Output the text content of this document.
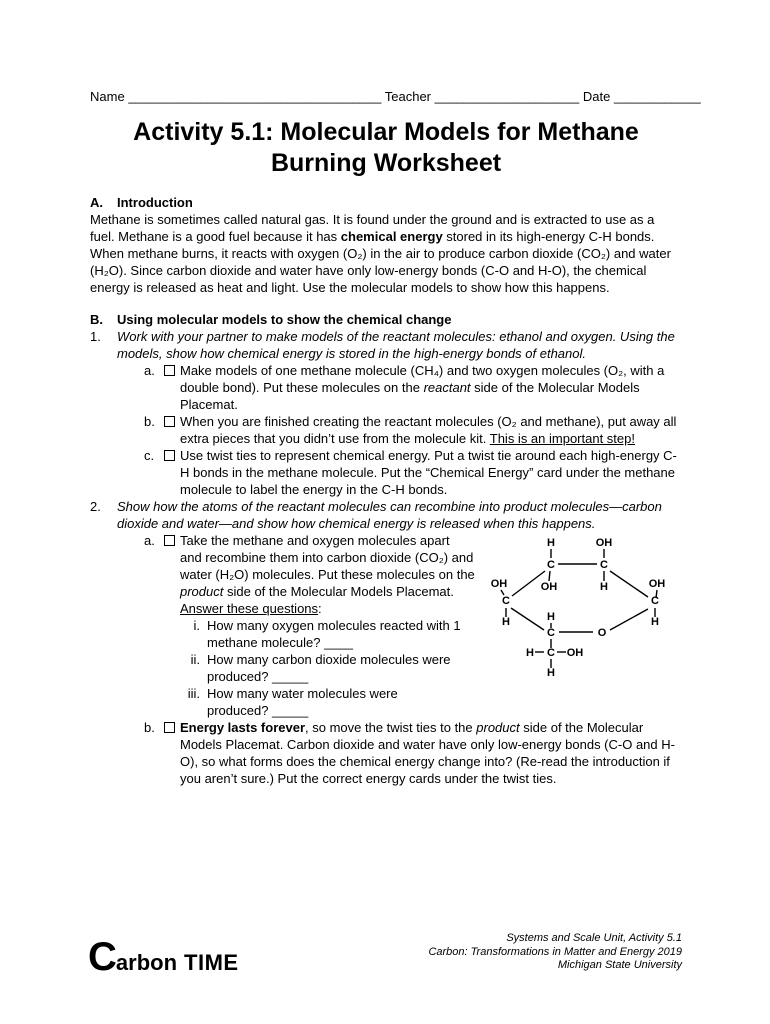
Name ___________________________________ Teacher ____________________ Date ____________
Activity 5.1: Molecular Models for Methane Burning Worksheet
A.	Introduction

Methane is sometimes called natural gas. It is found under the ground and is extracted to use as a fuel. Methane is a good fuel because it has chemical energy stored in its high-energy C-H bonds. When methane burns, it reacts with oxygen (O₂) in the air to produce carbon dioxide (CO₂) and water (H₂O). Since carbon dioxide and water have only low-energy bonds (C-O and H-O), the chemical energy is released as heat and light. Use the molecular models to show how this happens.

B.	Using molecular models to show the chemical change
1.	Work with your partner to make models of the reactant molecules: ethanol and oxygen. Using the models, show how chemical energy is stored in the high-energy bonds of ethanol.
a.	Make models of one methane molecule (CH₄) and two oxygen molecules (O₂, with a double bond). Put these molecules on the reactant side of the Molecular Models Placemat.
b.	When you are finished creating the reactant molecules (O₂ and methane), put away all extra pieces that you didn’t use from the molecule kit. This is an important step!
c.	Use twist ties to represent chemical energy. Put a twist tie around each high-energy C-H bonds in the methane molecule. Put the “Chemical Energy” card under the methane molecule to label the energy in the C-H bonds.
2.	Show how the atoms of the reactant molecules can recombine into product molecules—carbon dioxide and water—and show how chemical energy is released when this happens.
H	OH
C	C
OH	OH	H	OH
C	C
H	H
H
C	O
H C OH
H
a.	Take the methane and oxygen molecules apart
and recombine them into carbon dioxide (CO₂) and
water (H₂O) molecules. Put these molecules on the
product side of the Molecular Models Placemat.
Answer these questions:
i. How many oxygen molecules reacted with 1
methane molecule? ____
ii. How many carbon dioxide molecules were
produced? _____
iii. How many water molecules were
produced? _____
b.	Energy lasts forever, so move the twist ties to the product side of the Molecular Models Placemat. Carbon dioxide and water have only low-energy bonds (C-O and H-O), so what forms does the chemical energy change into? (Re-read the introduction if you aren’t sure.) Put the correct energy cards under the twist ties.
C arbon TIME
Systems and Scale Unit, Activity 5.1
Carbon: Transformations in Matter and Energy 2019
Michigan State University
